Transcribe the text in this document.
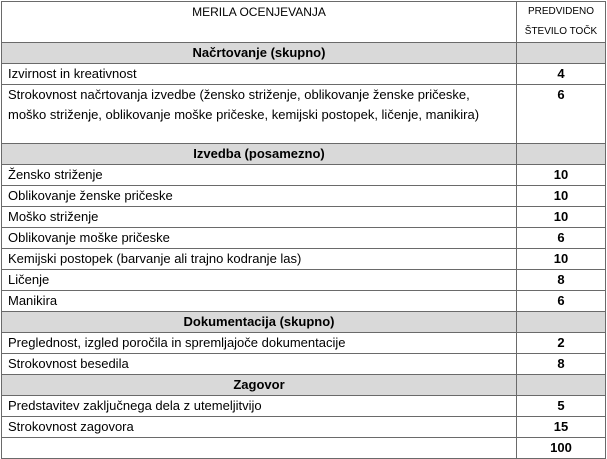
MERILA OCENJEVANJA	PREDVIDENO
ŠTEVILO TOČK

Načrtovanje (skupno)	
Izvirnost in kreativnost	4
Strokovnost načrtovanja izvedbe (žensko striženje, oblikovanje ženske pričeske, moško striženje, oblikovanje moške pričeske, kemijski postopek, ličenje, manikira)	6
Izvedba (posamezno)	
Žensko striženje	10
Oblikovanje ženske pričeske	10
Moško striženje	10
Oblikovanje moške pričeske	6
Kemijski postopek (barvanje ali trajno kodranje las)	10
Ličenje	8
Manikira	6
Dokumentacija (skupno)	
Preglednost, izgled poročila in spremljajoče dokumentacije	2
Strokovnost besedila	8
Zagovor	
Predstavitev zaključnega dela z utemeljitvijo	5
Strokovnost zagovora	15
	100
